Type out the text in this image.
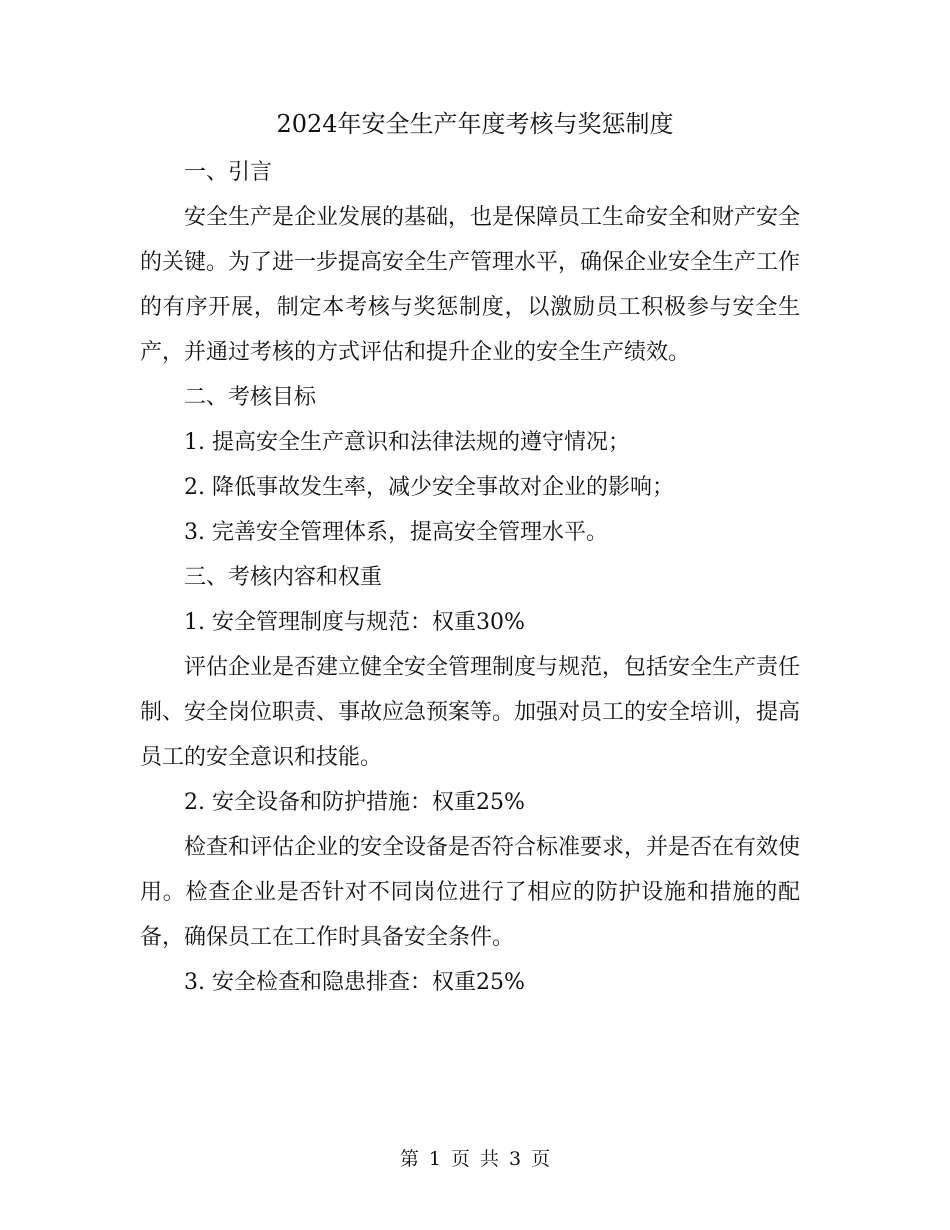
2024年安全生产年度考核与奖惩制度

一、引言

安全生产是企业发展的基础，也是保障员工生命安全和财产安全的关键。为了进一步提高安全生产管理水平，确保企业安全生产工作的有序开展，制定本考核与奖惩制度，以激励员工积极参与安全生产，并通过考核的方式评估和提升企业的安全生产绩效。

二、考核目标

1. 提高安全生产意识和法律法规的遵守情况；

2. 降低事故发生率，减少安全事故对企业的影响；

3. 完善安全管理体系，提高安全管理水平。

三、考核内容和权重

1. 安全管理制度与规范：权重30%

评估企业是否建立健全安全管理制度与规范，包括安全生产责任制、安全岗位职责、事故应急预案等。加强对员工的安全培训，提高员工的安全意识和技能。

2. 安全设备和防护措施：权重25%

检查和评估企业的安全设备是否符合标准要求，并是否在有效使用。检查企业是否针对不同岗位进行了相应的防护设施和措施的配备，确保员工在工作时具备安全条件。

3. 安全检查和隐患排查：权重25%

第 1 页 共 3 页
